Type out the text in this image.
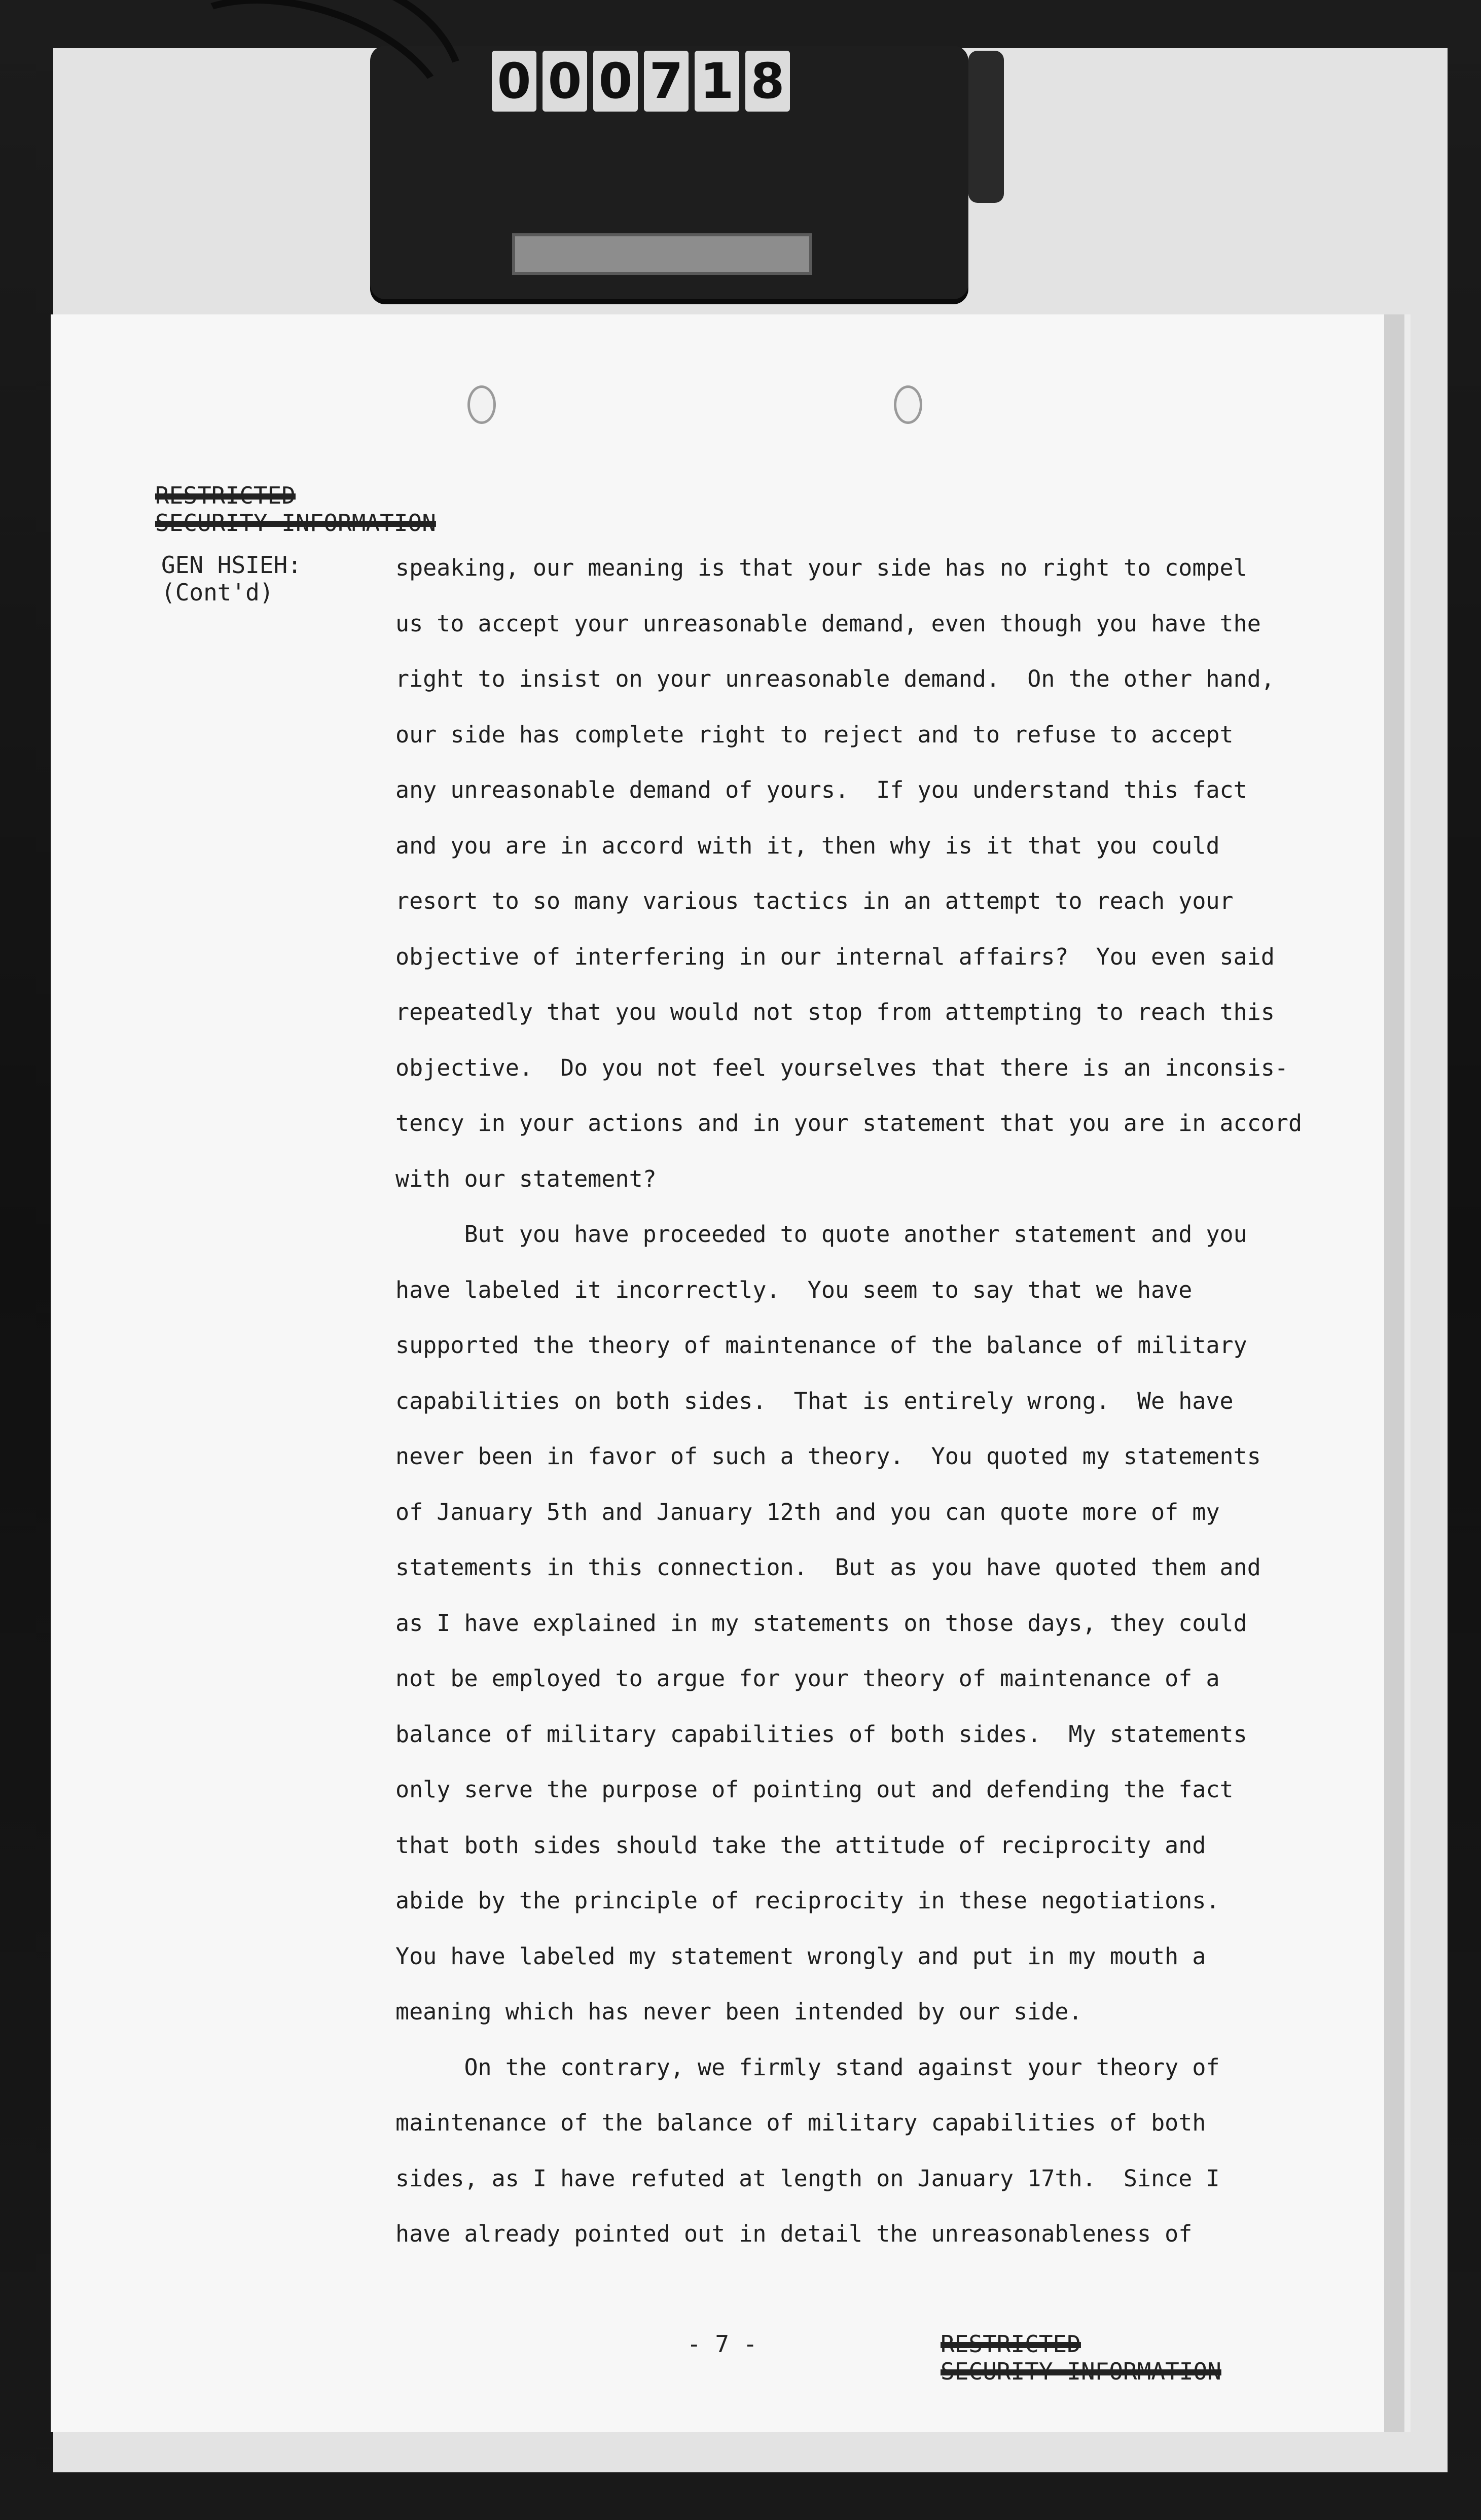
0 0 0 7 1 8
RESTRICTED
SECURITY INFORMATION
GEN HSIEH:
(Cont'd)
speaking, our meaning is that your side has no right to compel
us to accept your unreasonable demand, even though you have the
right to insist on your unreasonable demand.  On the other hand,
our side has complete right to reject and to refuse to accept
any unreasonable demand of yours.  If you understand this fact
and you are in accord with it, then why is it that you could
resort to so many various tactics in an attempt to reach your
objective of interfering in our internal affairs?  You even said
repeatedly that you would not stop from attempting to reach this
objective.  Do you not feel yourselves that there is an inconsis-
tency in your actions and in your statement that you are in accord
with our statement?
But you have proceeded to quote another statement and you
have labeled it incorrectly.  You seem to say that we have
supported the theory of maintenance of the balance of military
capabilities on both sides.  That is entirely wrong.  We have
never been in favor of such a theory.  You quoted my statements
of January 5th and January 12th and you can quote more of my
statements in this connection.  But as you have quoted them and
as I have explained in my statements on those days, they could
not be employed to argue for your theory of maintenance of a
balance of military capabilities of both sides.  My statements
only serve the purpose of pointing out and defending the fact
that both sides should take the attitude of reciprocity and
abide by the principle of reciprocity in these negotiations.
You have labeled my statement wrongly and put in my mouth a
meaning which has never been intended by our side.
On the contrary, we firmly stand against your theory of
maintenance of the balance of military capabilities of both
sides, as I have refuted at length on January 17th.  Since I
have already pointed out in detail the unreasonableness of
- 7 -	RESTRICTED
SECURITY INFORMATION
